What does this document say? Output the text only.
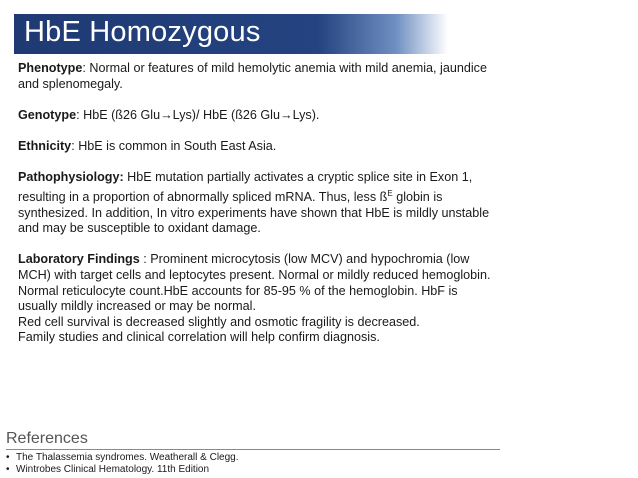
HbE Homozygous

Phenotype: Normal or features of mild hemolytic anemia with mild anemia, jaundice and splenomegaly.

Genotype: HbE (ß26 Glu→Lys)/ HbE (ß26 Glu→Lys).

Ethnicity: HbE is common in South East Asia.

Pathophysiology: HbE mutation partially activates a cryptic splice site in Exon 1, resulting in a proportion of abnormally spliced mRNA. Thus, less $ß^E$ globin is synthesized. In addition, In vitro experiments have shown that HbE is mildly unstable and may be susceptible to oxidant damage.

Laboratory Findings : Prominent microcytosis (low MCV) and hypochromia (low MCH) with target cells and leptocytes present. Normal or mildly reduced hemoglobin. Normal reticulocyte count.HbE accounts for 85-95 % of the hemoglobin. HbF is usually mildly increased or may be normal.
Red cell survival is decreased slightly and osmotic fragility is decreased.
Family studies and clinical correlation will help confirm diagnosis.

References
• The Thalassemia syndromes. Weatherall & Clegg.
• Wintrobes Clinical Hematology. 11th Edition
